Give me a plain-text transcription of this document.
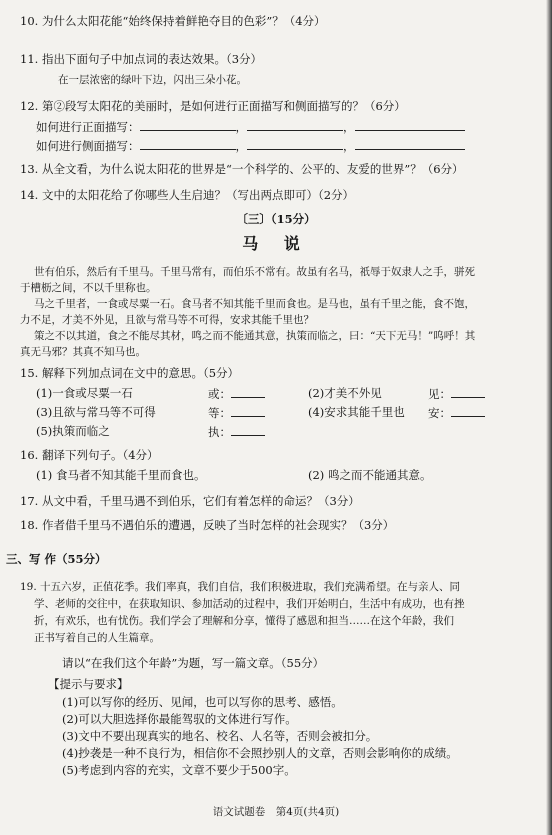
10. 为什么太阳花能“始终保持着鲜艳夺目的色彩”？（4分）
11. 指出下面句子中加点词的表达效果。（3分）
在一层浓密的绿叶下边，闪出三朵小花。
12. 第②段写太阳花的美丽时，是如何进行正面描写和侧面描写的？（6分）
如何进行正面描写：	，	，
如何进行侧面描写：	，	，
13. 从全文看，为什么说太阳花的世界是“一个科学的、公平的、友爱的世界”？（6分）
14. 文中的太阳花给了你哪些人生启迪？（写出两点即可）（2分）
〔三〕（15分）
马 说
世有伯乐，然后有千里马。千里马常有，而伯乐不常有。故虽有名马，祇辱于奴隶人之手，骈死
于槽枥之间，不以千里称也。
马之千里者，一食或尽粟一石。食马者不知其能千里而食也。是马也，虽有千里之能，食不饱，
力不足，才美不外见，且欲与常马等不可得，安求其能千里也？
策之不以其道，食之不能尽其材，鸣之而不能通其意，执策而临之，曰：“天下无马！”呜呼！其
真无马邪？其真不知马也。
15. 解释下列加点词在文中的意思。（5分）
(1)一食或尽粟一石	或：	(2)才美不外见	见：
(3)且欲与常马等不可得	等：	(4)安求其能千里也 安：
(5)执策而临之	执：
16. 翻译下列句子。（4分）
(1) 食马者不知其能千里而食也。	(2) 鸣之而不能通其意。
17. 从文中看，千里马遇不到伯乐，它们有着怎样的命运？（3分）
18. 作者借千里马不遇伯乐的遭遇，反映了当时怎样的社会现实？（3分）
三、写 作（55分）
19. 十五六岁，正值花季。我们率真，我们自信，我们积极进取，我们充满希望。在与亲人、同
学、老师的交往中，在获取知识、参加活动的过程中，我们开始明白，生活中有成功，也有挫
折，有欢乐，也有忧伤。我们学会了理解和分享，懂得了感恩和担当……在这个年龄，我们
正书写着自己的人生篇章。
请以“在我们这个年龄”为题，写一篇文章。（55分）
【提示与要求】
(1)可以写你的经历、见闻，也可以写你的思考、感悟。
(2)可以大胆选择你最能驾驭的文体进行写作。
(3)文中不要出现真实的地名、校名、人名等，否则会被扣分。
(4)抄袭是一种不良行为，相信你不会照抄别人的文章，否则会影响你的成绩。
(5)考虑到内容的充实，文章不要少于500字。
语文试题卷　第4页(共4页)
